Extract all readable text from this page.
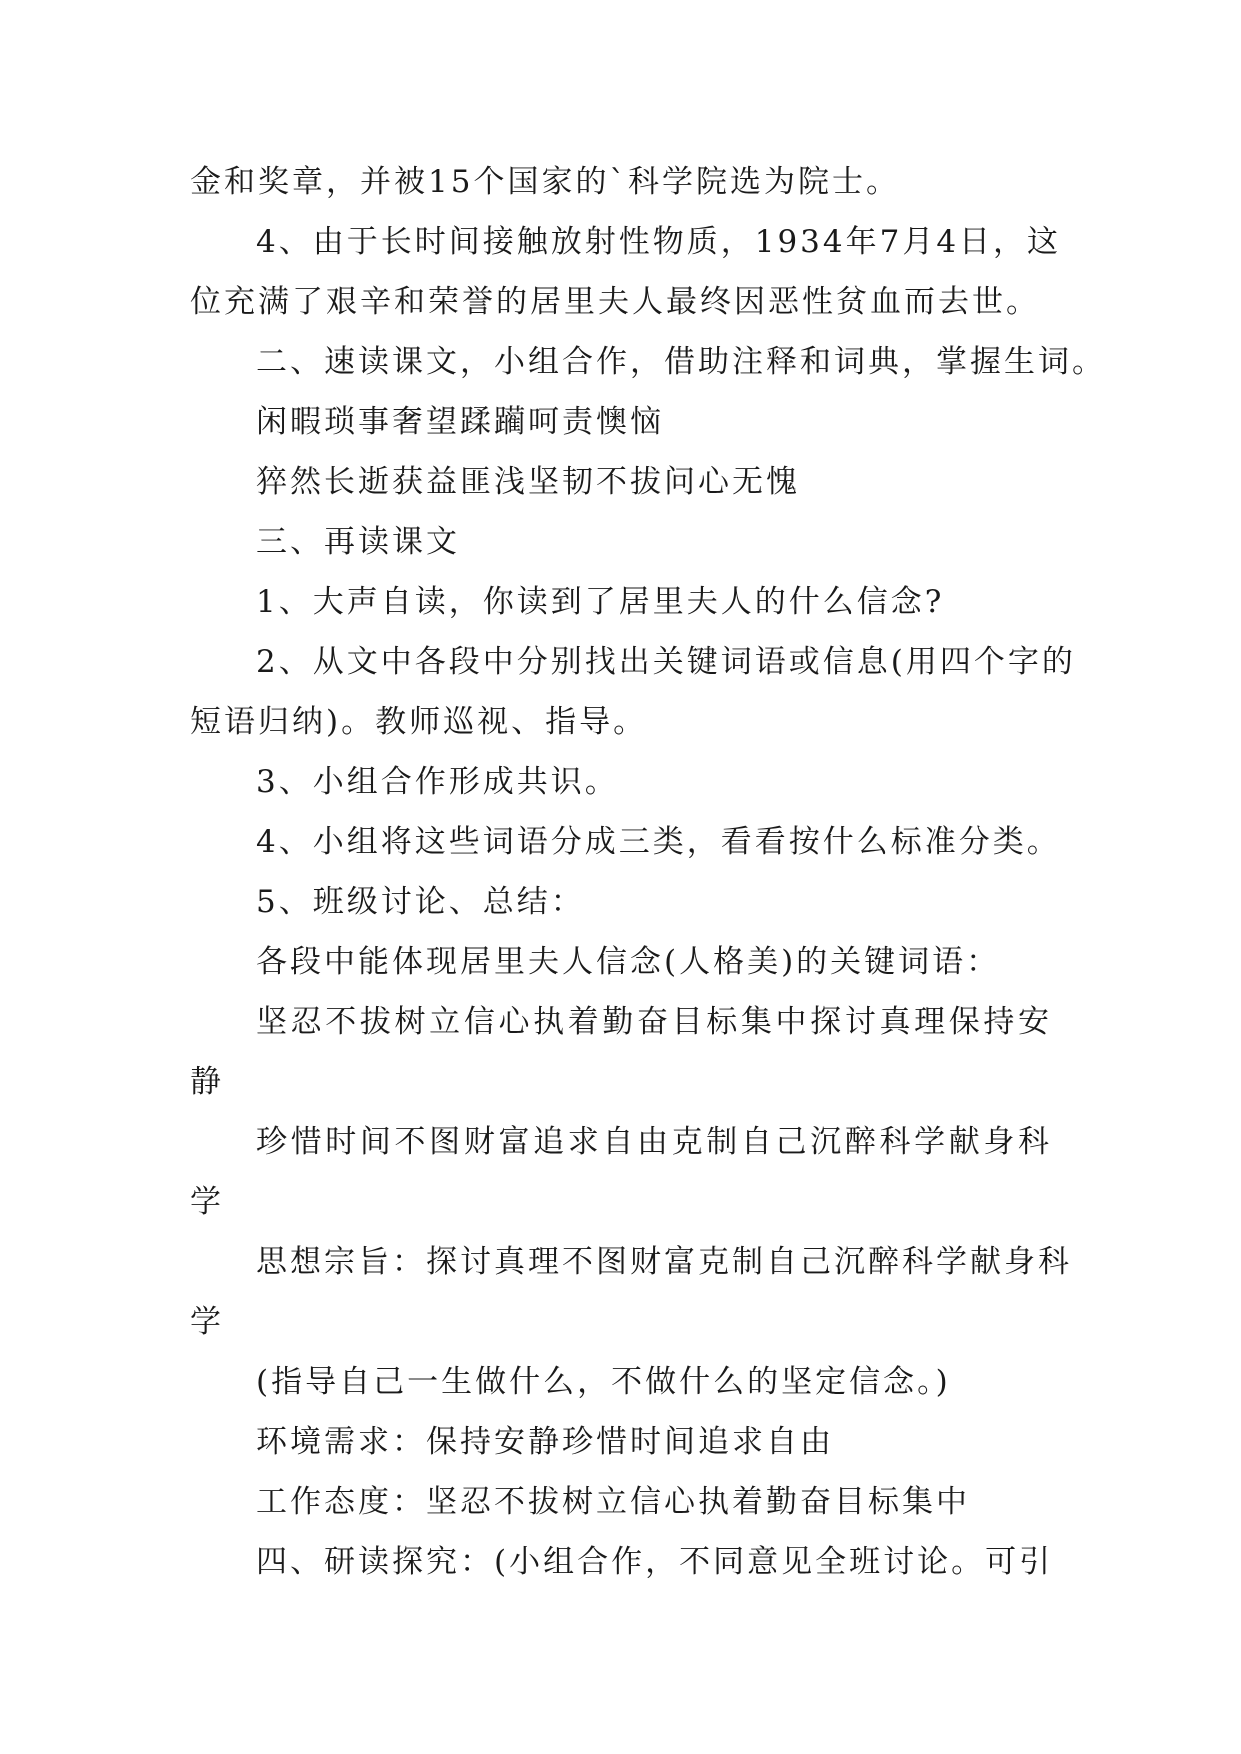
金和奖章，并被15个国家的`科学院选为院士。
4、由于长时间接触放射性物质，1934年7月4日，这
位充满了艰辛和荣誉的居里夫人最终因恶性贫血而去世。
二、速读课文，小组合作，借助注释和词典，掌握生词。
闲暇琐事奢望蹂躏呵责懊恼
猝然长逝获益匪浅坚韧不拔问心无愧
三、再读课文
1、大声自读，你读到了居里夫人的什么信念?
2、从文中各段中分别找出关键词语或信息(用四个字的
短语归纳)。教师巡视、指导。
3、小组合作形成共识。
4、小组将这些词语分成三类，看看按什么标准分类。
5、班级讨论、总结：
各段中能体现居里夫人信念(人格美)的关键词语：
坚忍不拔树立信心执着勤奋目标集中探讨真理保持安
静
珍惜时间不图财富追求自由克制自己沉醉科学献身科
学
思想宗旨：探讨真理不图财富克制自己沉醉科学献身科
学
(指导自己一生做什么，不做什么的坚定信念。)
环境需求：保持安静珍惜时间追求自由
工作态度：坚忍不拔树立信心执着勤奋目标集中
四、研读探究：(小组合作，不同意见全班讨论。可引
